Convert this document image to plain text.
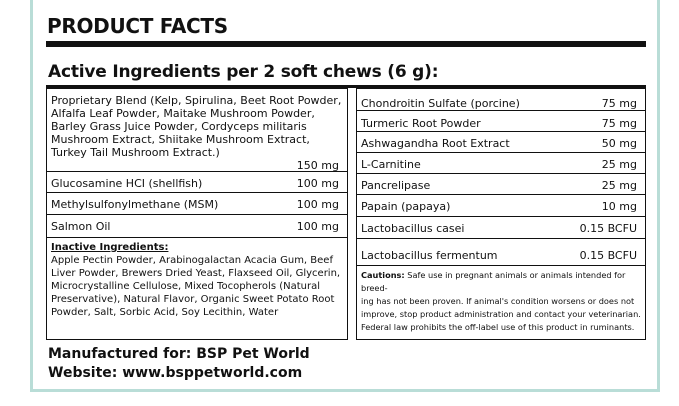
PRODUCT FACTS
Active Ingredients per 2 soft chews (6 g):
Proprietary Blend (Kelp, Spirulina, Beet Root Powder,
Alfalfa Leaf Powder, Maitake Mushroom Powder,
Barley Grass Juice Powder, Cordyceps militaris
Mushroom Extract, Shiitake Mushroom Extract,
Turkey Tail Mushroom Extract.)
150 mg
Glucosamine HCI (shellfish)	100 mg
Methylsulfonylmethane (MSM)	100 mg
Salmon Oil	100 mg
Inactive Ingredients:
Apple Pectin Powder, Arabinogalactan Acacia Gum, Beef
Liver Powder, Brewers Dried Yeast, Flaxseed Oil, Glycerin,
Microcrystalline Cellulose, Mixed Tocopherols (Natural
Preservative), Natural Flavor, Organic Sweet Potato Root
Powder, Salt, Sorbic Acid, Soy Lecithin, Water
Chondroitin Sulfate (porcine)	75 mg
Turmeric Root Powder	75 mg
Ashwagandha Root Extract	50 mg
L-Carnitine	25 mg
Pancrelipase	25 mg
Papain (papaya)	10 mg
Lactobacillus casei	0.15 BCFU
Lactobacillus fermentum	0.15 BCFU
Cautions: Safe use in pregnant animals or animals intended for breed-
ing has not been proven. If animal's condition worsens or does not
improve, stop product administration and contact your veterinarian.
Federal law prohibits the off-label use of this product in ruminants.
Manufactured for: BSP Pet World
Website: www.bsppetworld.com
